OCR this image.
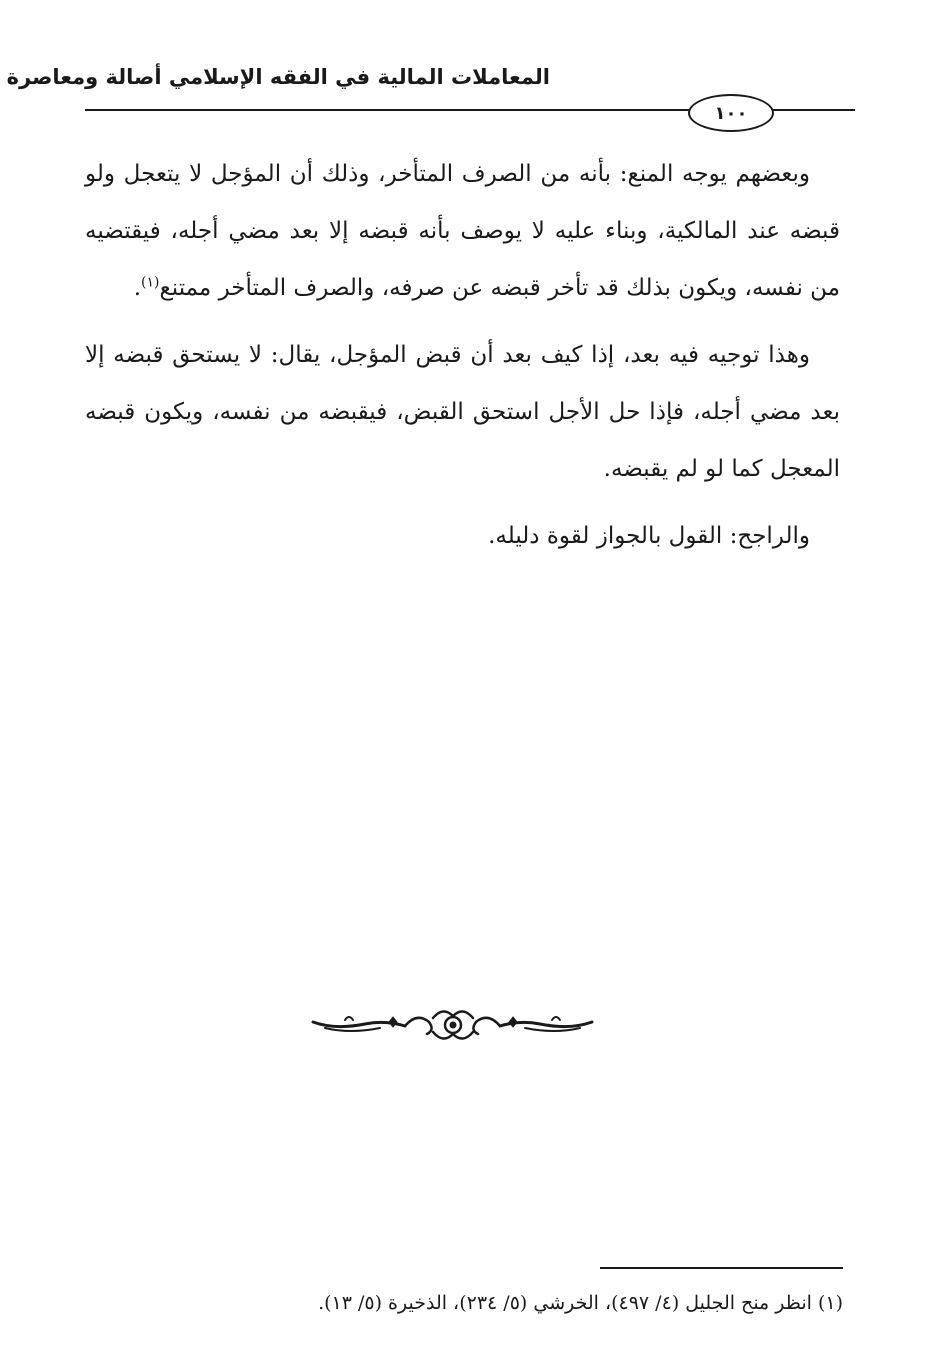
المعاملات المالية في الفقه الإسلامي أصالة ومعاصرة
١٠٠

وبعضهم يوجه المنع: بأنه من الصرف المتأخر، وذلك أن المؤجل لا يتعجل ولو قبضه عند المالكية، وبناء عليه لا يوصف بأنه قبضه إلا بعد مضي أجله، فيقتضيه من نفسه، ويكون بذلك قد تأخر قبضه عن صرفه، والصرف المتأخر ممتنع$^{(١)}$.

وهذا توجيه فيه بعد، إذا كيف بعد أن قبض المؤجل، يقال: لا يستحق قبضه إلا بعد مضي أجله، فإذا حل الأجل استحق القبض، فيقبضه من نفسه، ويكون قبضه المعجل كما لو لم يقبضه.

والراجح: القول بالجواز لقوة دليله.

(١) انظر منح الجليل (٤/ ٤٩٧)، الخرشي (٥/ ٢٣٤)، الذخيرة (٥/ ١٣).
